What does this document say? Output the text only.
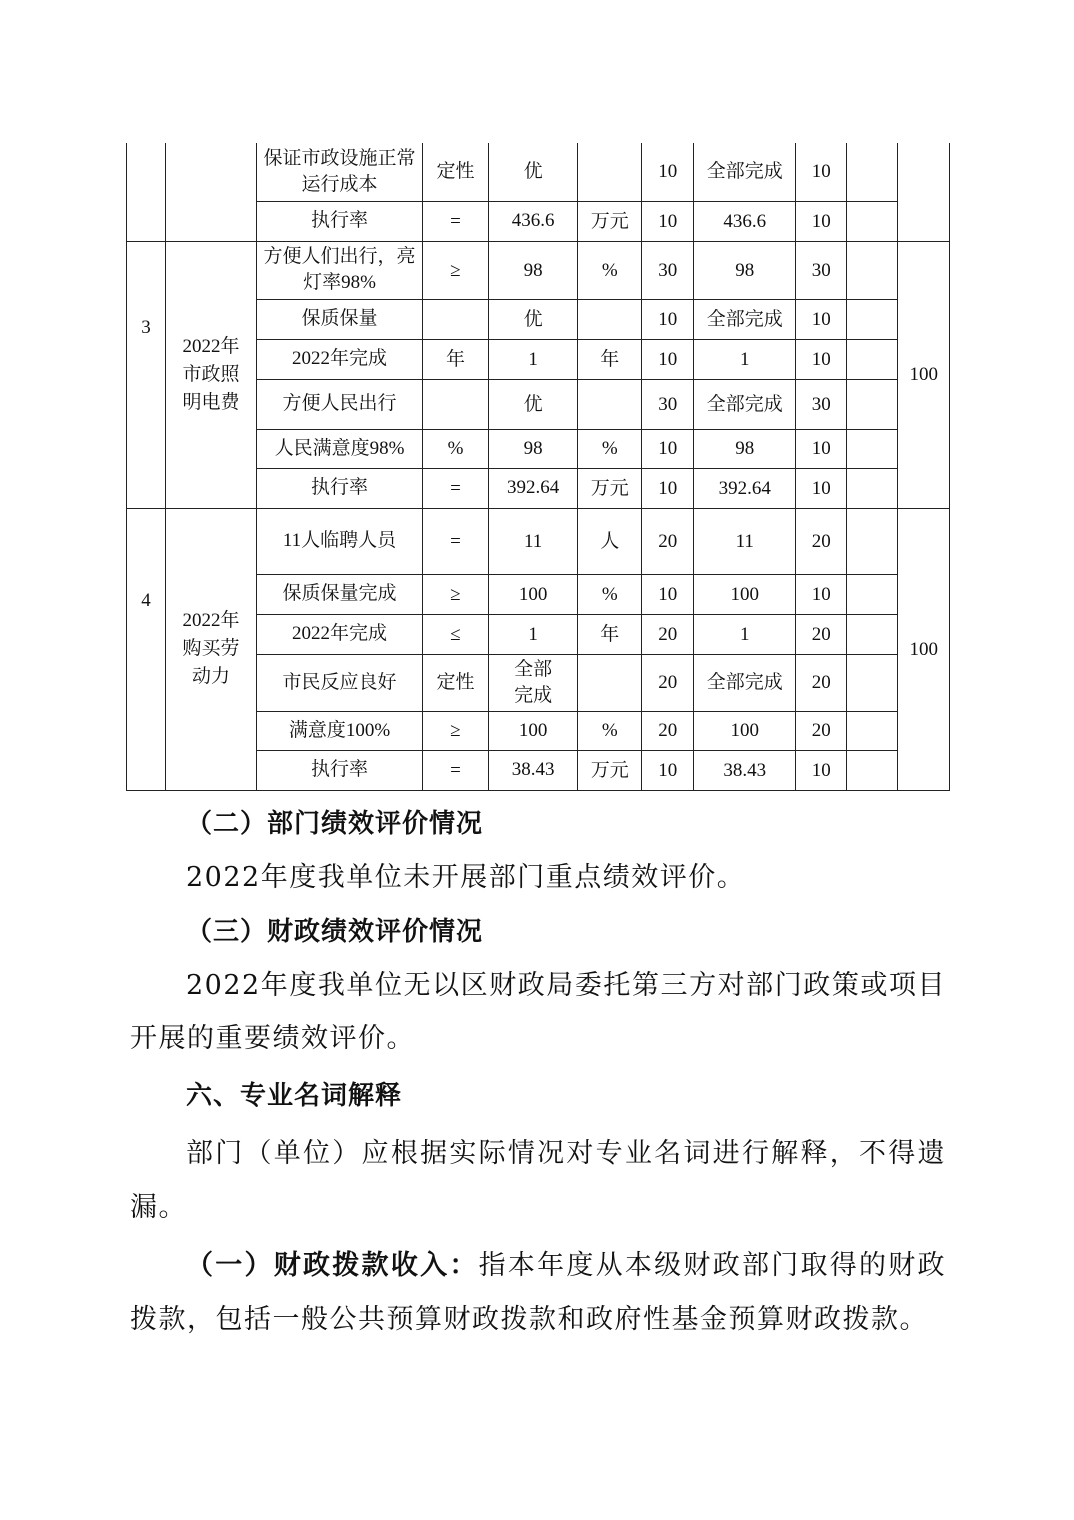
		保证市政设施正常运行成本	定性	优		10	全部完成	10		
		执行率	=	436.6	万元	10	436.6	10		
3	2022年市政照明电费	方便人们出行，亮灯率98%	≥	98	%	30	98	30		100
		保质保量		优		10	全部完成	10		
		2022年完成	年	1	年	10	1	10		
		方便人民出行		优		30	全部完成	30		
		人民满意度98%	%	98	%	10	98	10		
		执行率	=	392.64	万元	10	392.64	10		
4	2022年购买劳动力	11人临聘人员	=	11	人	20	11	20		100
		保质保量完成	≥	100	%	10	100	10		
		2022年完成	≤	1	年	20	1	20		
		市民反应良好	定性	全部完成		20	全部完成	20		
		满意度100%	≥	100	%	20	100	20		
		执行率	=	38.43	万元	10	38.43	10		

（二）部门绩效评价情况

2022年度我单位未开展部门重点绩效评价。

（三）财政绩效评价情况

2022年度我单位无以区财政局委托第三方对部门政策或项目开展的重要绩效评价。

六、专业名词解释

部门（单位）应根据实际情况对专业名词进行解释，不得遗漏。

（一）财政拨款收入：指本年度从本级财政部门取得的财政拨款，包括一般公共预算财政拨款和政府性基金预算财政拨款。
